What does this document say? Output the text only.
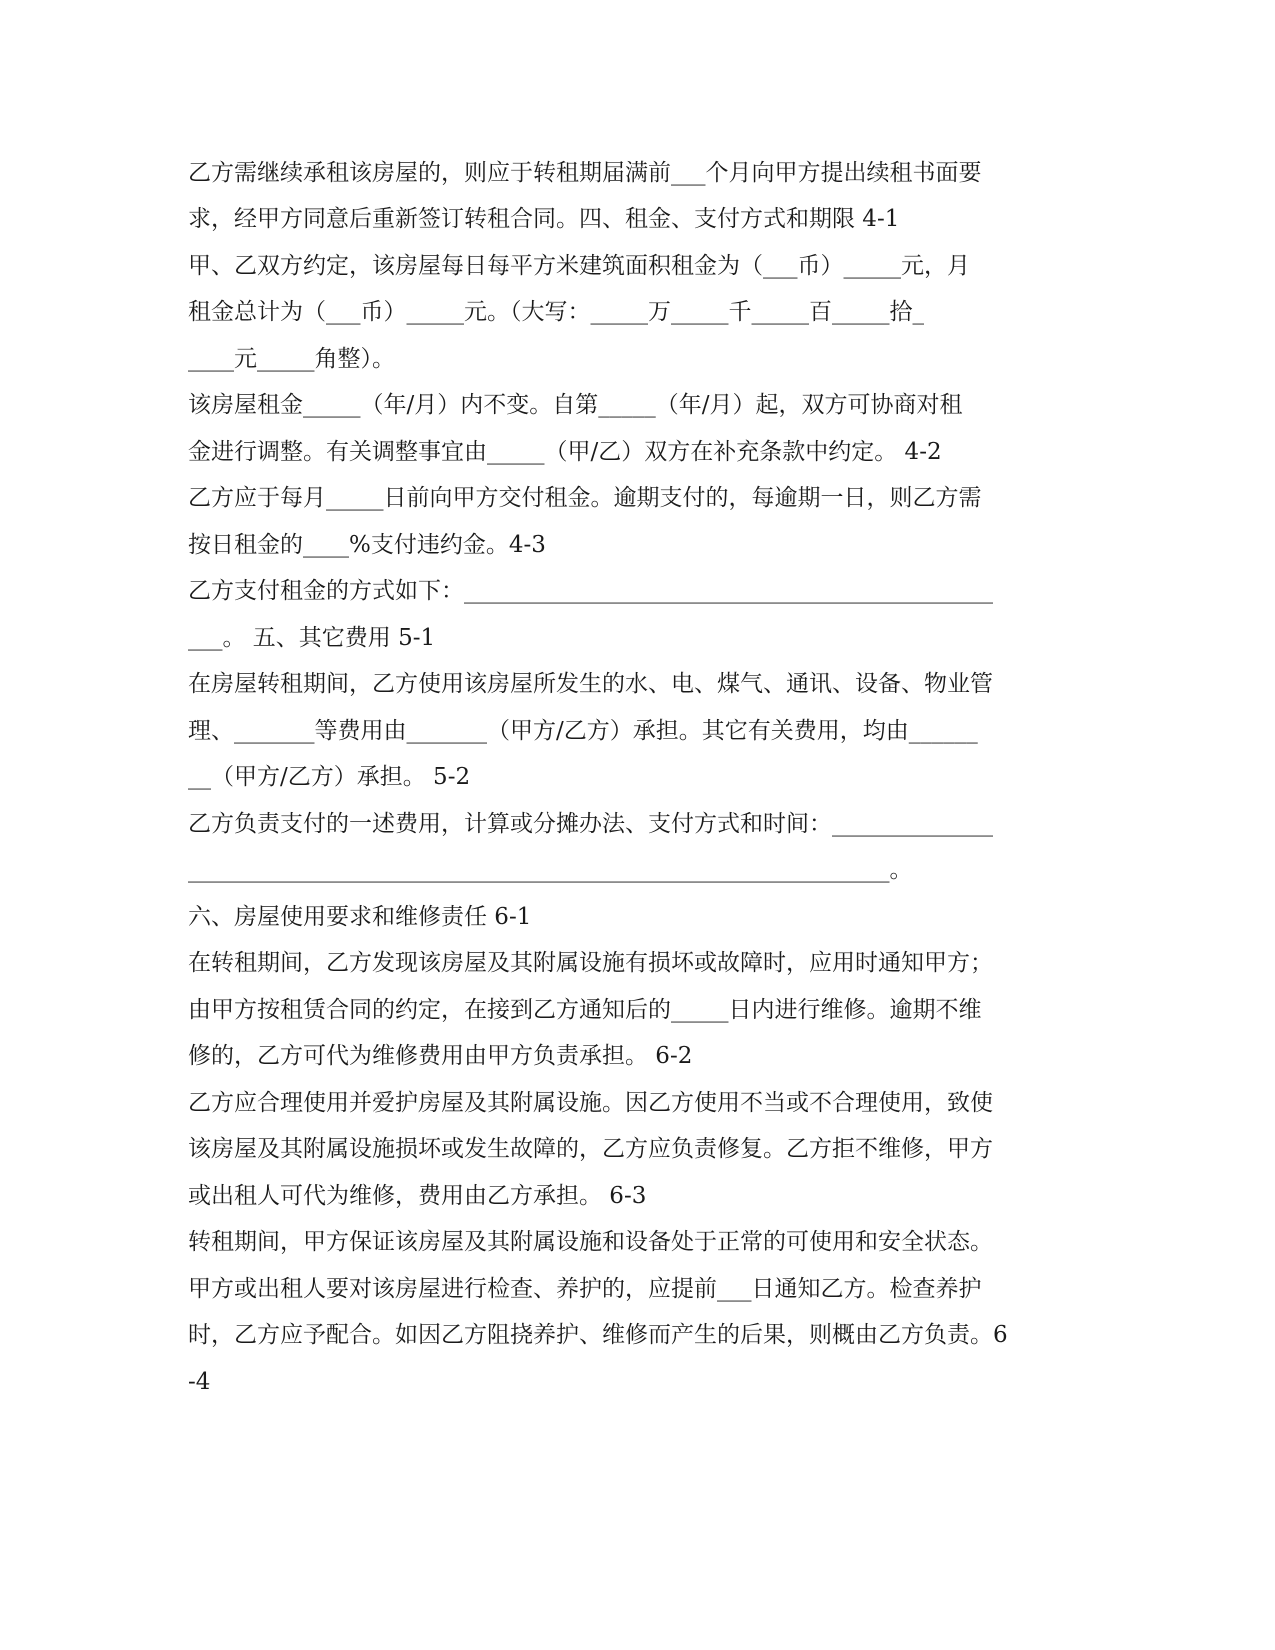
乙方需继续承租该房屋的，则应于转租期届满前___个月向甲方提出续租书面要
求，经甲方同意后重新签订转租合同。四、租金、支付方式和期限 4-1
甲、乙双方约定，该房屋每日每平方米建筑面积租金为（___币）_____元，月
租金总计为（___币）_____元。（大写：_____万_____千_____百_____拾_
____元_____角整）。
该房屋租金_____（年/月）内不变。自第_____（年/月）起，双方可协商对租
金进行调整。有关调整事宜由_____（甲/乙）双方在补充条款中约定。 4-2
乙方应于每月_____日前向甲方交付租金。逾期支付的，每逾期一日，则乙方需
按日租金的____%支付违约金。4-3
乙方支付租金的方式如下：______________________________________________
___。 五、其它费用 5-1
在房屋转租期间，乙方使用该房屋所发生的水、电、煤气、通讯、设备、物业管
理、_______等费用由_______（甲方/乙方）承担。其它有关费用，均由______
__（甲方/乙方）承担。 5-2
乙方负责支付的一述费用，计算或分摊办法、支付方式和时间：______________
_____________________________________________________________。
六、房屋使用要求和维修责任 6-1
在转租期间，乙方发现该房屋及其附属设施有损坏或故障时，应用时通知甲方；
由甲方按租赁合同的约定，在接到乙方通知后的_____日内进行维修。逾期不维
修的，乙方可代为维修费用由甲方负责承担。 6-2
乙方应合理使用并爱护房屋及其附属设施。因乙方使用不当或不合理使用，致使
该房屋及其附属设施损坏或发生故障的，乙方应负责修复。乙方拒不维修，甲方
或出租人可代为维修，费用由乙方承担。 6-3
转租期间，甲方保证该房屋及其附属设施和设备处于正常的可使用和安全状态。
甲方或出租人要对该房屋进行检查、养护的，应提前___日通知乙方。检查养护
时，乙方应予配合。如因乙方阻挠养护、维修而产生的后果，则概由乙方负责。6
-4
